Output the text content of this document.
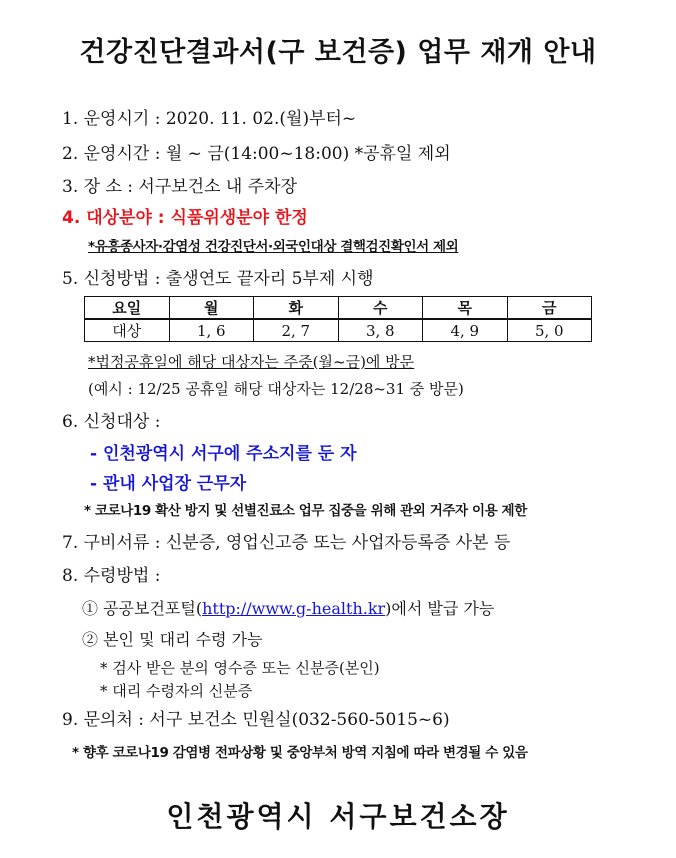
건강진단결과서(구 보건증) 업무 재개 안내
1. 운영시기 : 2020. 11. 02.(월)부터~
2. 운영시간 : 월 ~ 금(14:00~18:00) *공휴일 제외
3. 장 소 : 서구보건소 내 주차장
4. 대상분야 : 식품위생분야 한정
*유흥종사자·감염성 건강진단서·외국인대상 결핵검진확인서 제외
5. 신청방법 : 출생연도 끝자리 5부제 시행
요일	월	화	수	목	금
대상	1, 6	2, 7	3, 8	4, 9	5, 0
*법정공휴일에 해당 대상자는 주중(월~금)에 방문
(예시 : 12/25 공휴일 해당 대상자는 12/28~31 중 방문)
6. 신청대상 :
- 인천광역시 서구에 주소지를 둔 자
- 관내 사업장 근무자
* 코로나19 확산 방지 및 선별진료소 업무 집중을 위해 관외 거주자 이용 제한
7. 구비서류 : 신분증, 영업신고증 또는 사업자등록증 사본 등
8. 수령방법 :
① 공공보건포털(http://www.g-health.kr)에서 발급 가능
② 본인 및 대리 수령 가능
* 검사 받은 분의 영수증 또는 신분증(본인)
* 대리 수령자의 신분증
9. 문의처 : 서구 보건소 민원실(032-560-5015~6)
* 향후 코로나19 감염병 전파상황 및 중앙부처 방역 지침에 따라 변경될 수 있음
인천광역시 서구보건소장
